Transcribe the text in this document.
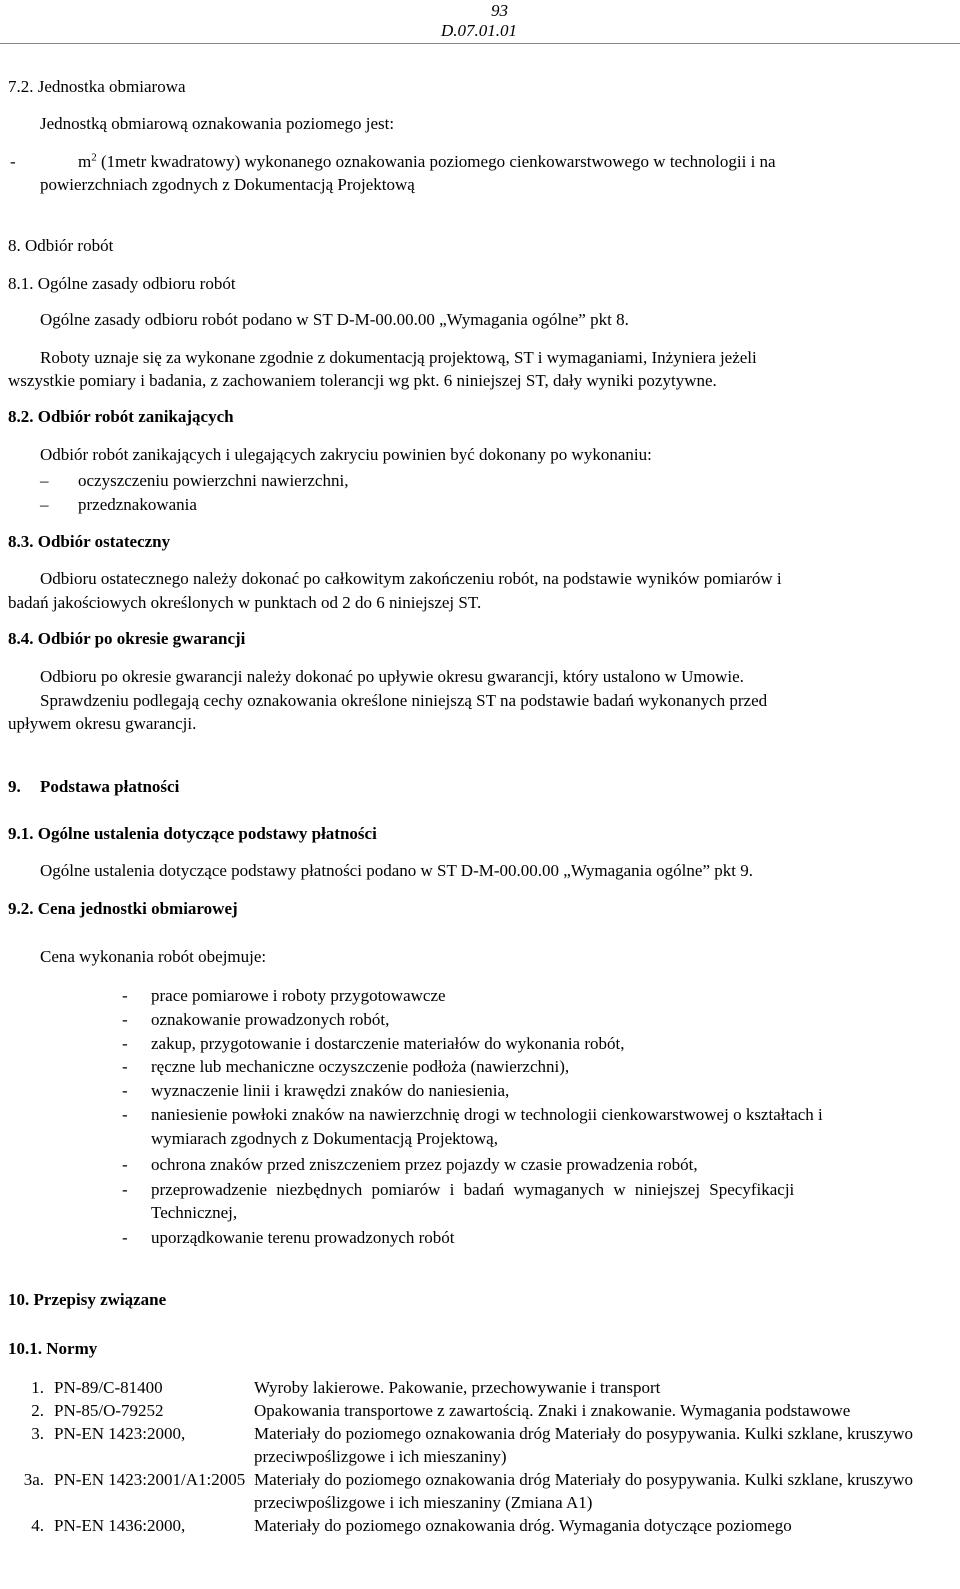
93
D.07.01.01
7.2. Jednostka obmiarowa
Jednostką obmiarową oznakowania poziomego jest:
-	$m^2$ (1metr kwadratowy) wykonanego oznakowania poziomego cienkowarstwowego w technologii i na
powierzchniach zgodnych z Dokumentacją Projektową
8. Odbiór robót
8.1. Ogólne zasady odbioru robót
Ogólne zasady odbioru robót podano w ST D-M-00.00.00 „Wymagania ogólne” pkt 8.
Roboty uznaje się za wykonane zgodnie z dokumentacją projektową, ST i wymaganiami, Inżyniera jeżeli
wszystkie pomiary i badania, z zachowaniem tolerancji wg pkt. 6 niniejszej ST, dały wyniki pozytywne.
8.2. Odbiór robót zanikających
Odbiór robót zanikających i ulegających zakryciu powinien być dokonany po wykonaniu:
– oczyszczeniu powierzchni nawierzchni,
– przedznakowania
8.3. Odbiór ostateczny
Odbioru ostatecznego należy dokonać po całkowitym zakończeniu robót, na podstawie wyników pomiarów i
badań jakościowych określonych w punktach od 2 do 6 niniejszej ST.
8.4. Odbiór po okresie gwarancji
Odbioru po okresie gwarancji należy dokonać po upływie okresu gwarancji, który ustalono w Umowie.
Sprawdzeniu podlegają cechy oznakowania określone niniejszą ST na podstawie badań wykonanych przed
upływem okresu gwarancji.
9. Podstawa płatności
9.1. Ogólne ustalenia dotyczące podstawy płatności
Ogólne ustalenia dotyczące podstawy płatności podano w ST D-M-00.00.00 „Wymagania ogólne” pkt 9.
9.2. Cena jednostki obmiarowej
Cena wykonania robót obejmuje:
- prace pomiarowe i roboty przygotowawcze
- oznakowanie prowadzonych robót,
- zakup, przygotowanie i dostarczenie materiałów do wykonania robót,
- ręczne lub mechaniczne oczyszczenie podłoża (nawierzchni),
- wyznaczenie linii i krawędzi znaków do naniesienia,
- naniesienie powłoki znaków na nawierzchnię drogi w technologii cienkowarstwowej o kształtach i
wymiarach zgodnych z Dokumentacją Projektową,
- ochrona znaków przed zniszczeniem przez pojazdy w czasie prowadzenia robót,
- przeprowadzenie niezbędnych pomiarów i badań wymaganych w niniejszej Specyfikacji
Technicznej,
- uporządkowanie terenu prowadzonych robót
10. Przepisy związane
10.1. Normy
1.	PN-89/C-81400	Wyroby lakierowe. Pakowanie, przechowywanie i transport
2.	PN-85/O-79252	Opakowania transportowe z zawartością. Znaki i znakowanie. Wymagania podstawowe
3.	PN-EN 1423:2000,	Materiały do poziomego oznakowania dróg Materiały do posypywania. Kulki szklane, kruszywo przeciwpoślizgowe i ich mieszaniny)
3a.	PN-EN 1423:2001/A1:2005	Materiały do poziomego oznakowania dróg Materiały do posypywania. Kulki szklane, kruszywo przeciwpoślizgowe i ich mieszaniny (Zmiana A1)
4.	PN-EN 1436:2000,	Materiały do poziomego oznakowania dróg. Wymagania dotyczące poziomego
